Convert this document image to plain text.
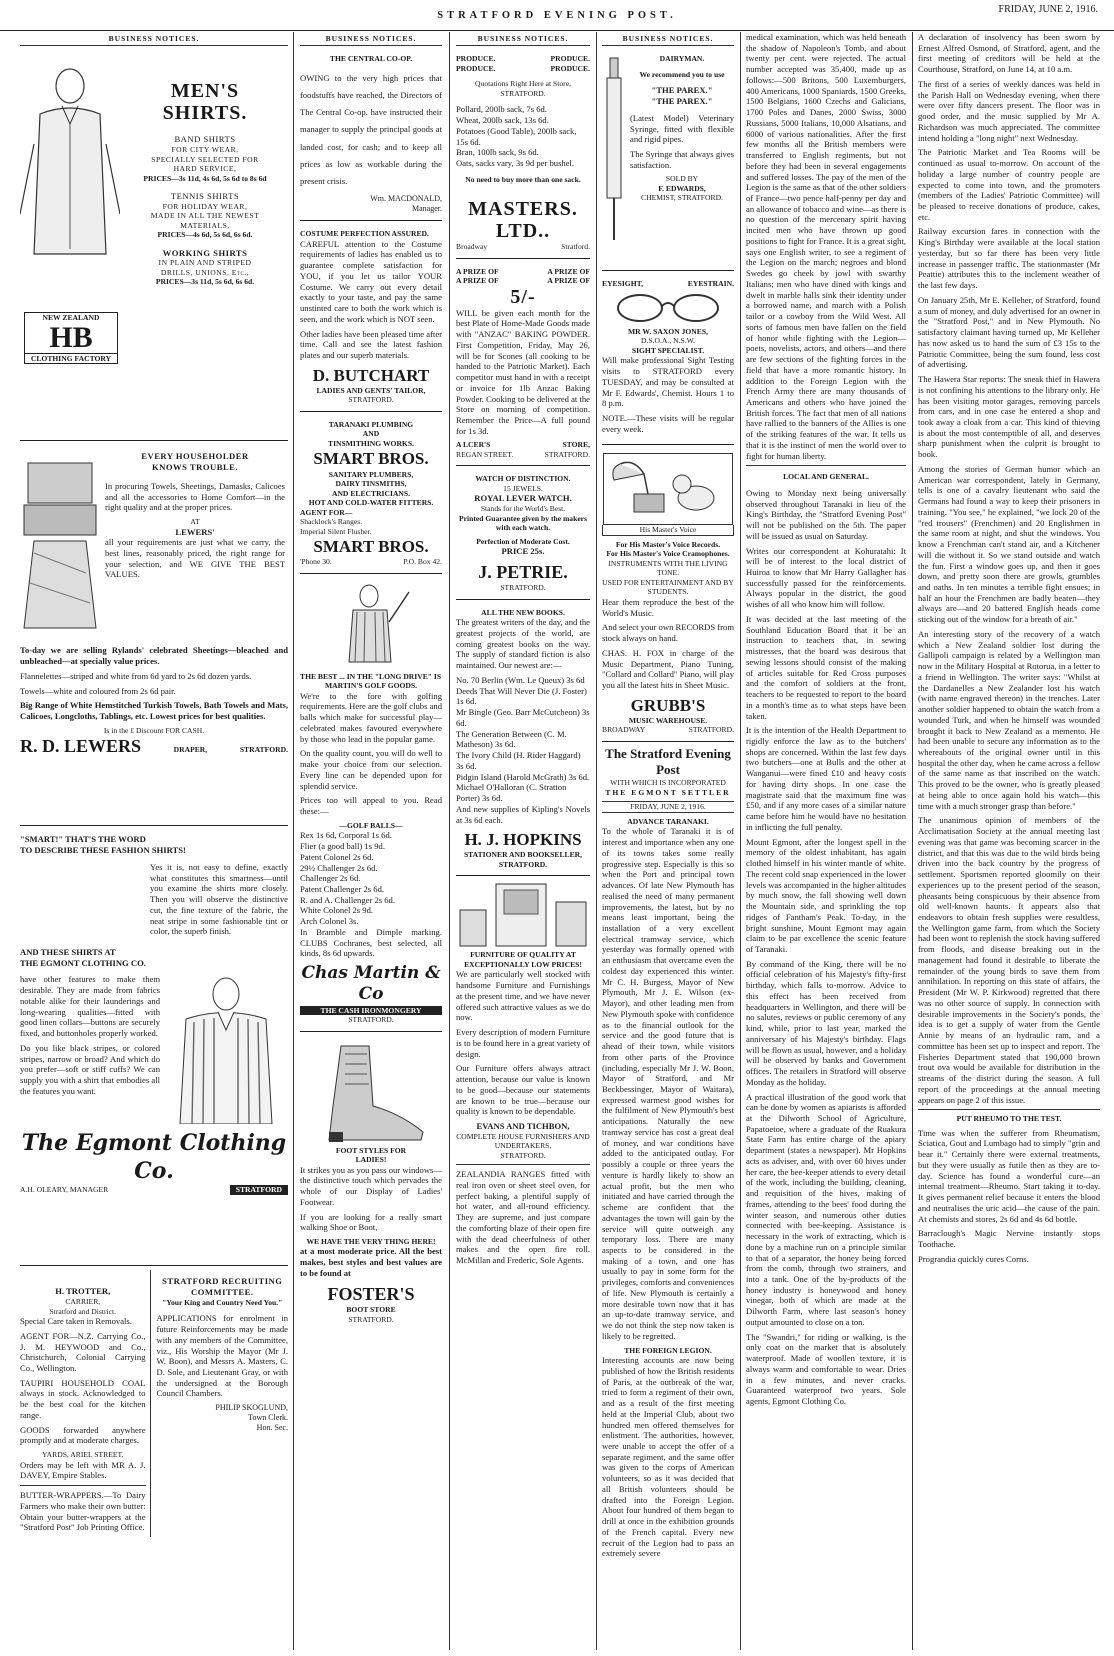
STRATFORD EVENING POST.
FRIDAY, JUNE 2, 1916.
BUSINESS NOTICES.
MEN'S
SHIRTS.
BAND SHIRTS
FOR CITY WEAR,
SPECIALLY SELECTED FOR
HARD SERVICE,
PRICES—3s 11d, 4s 6d, 5s 6d to 8s 6d
TENNIS SHIRTS
FOR HOLIDAY WEAR,
MADE IN ALL THE NEWEST
MATERIALS,
PRICES—4s 6d, 5s 6d, 6s 6d.
WORKING SHIRTS
IN PLAIN AND STRIPED
DRILLS, UNIONS, Etc.,
PRICES—3s 11d, 5s 6d, 6s 6d.
NEW ZEALAND
HB
CLOTHING FACTORY
EVERY HOUSEHOLDER
KNOWS TROUBLE.

In procuring Towels, Sheetings, Damasks, Calicoes and all the accessories to Home Comfort—in the right quality and at the proper prices.

AT
LEWERS'

all your requirements are just what we carry, the best lines, reasonably priced, the right range for your selection, and WE GIVE THE BEST VALUES.

To-day we are selling Rylands' celebrated Sheetings—bleached and unbleached—at specially value prices.

Flannelettes—striped and white from 6d yard to 2s 6d dozen yards.

Towels—white and coloured from 2s 6d pair.

Big Range of White Hemstitched Turkish Towels, Bath Towels and Mats, Calicoes, Longcloths, Tablings, etc. Lowest prices for best qualities.

Is in the £ Discount FOR CASH.
R. D. LEWERS	DRAPER,	STRATFORD.
"SMART!" THAT'S THE WORD
TO DESCRIBE THESE FASHION SHIRTS!

Yes it is, not easy to define, exactly what constitutes this smartness—until you examine the shirts more closely. Then you will observe the distinctive cut, the fine texture of the fabric, the neat stripe in some fashionable tint or color, the superb finish.

AND THESE SHIRTS AT
THE EGMONT CLOTHING CO.

have other features to make them desirable. They are made from fabrics notable alike for their launderings and long-wearing qualities—fitted with good linen collars—buttons are securely fixed, and buttonholes properly worked.

Do you like black stripes, or colored stripes, narrow or broad? And which do you prefer—soft or stiff cuffs? We can supply you with a shirt that embodies all the features you want.

The Egmont Clothing Co.
A.H. OLEARY, MANAGER	STRATFORD
H. TROTTER,
CARRIER,
Stratford and District.

Special Care taken in Removals.

AGENT FOR—N.Z. Carrying Co., J. M. HEYWOOD and Co., Christchurch, Colonial Carrying Co., Wellington.

TAUPIRI HOUSEHOLD COAL always in stock. Acknowledged to be the best coal for the kitchen range.

GOODS forwarded anywhere promptly and at moderate charges.

YARDS, ARIEL STREET,

Orders may be left with MR A. J. DAVEY, Empire Stables.

BUTTER-WRAPPERS.—To Dairy Farmers who make their own butter: Obtain your butter-wrappers at the "Stratford Post" Job Printing Office.

STRATFORD RECRUITING COMMITTEE.
"Your King and Country Need You."

APPLICATIONS for enrolment in future Reinforcements may be made with any members of the Committee, viz., His Worship the Mayor (Mr J. W. Boon), and Messrs A. Masters, C. D. Sole, and Lieutenant Gray, or with the undersigned at the Borough Council Chambers.

PHILIP SKOGLUND,
Town Clerk.
Hon. Sec.
BUSINESS NOTICES.
THE CENTRAL CO-OP.

OWING to the very high prices that foodstuffs have reached, the Directors of The Central Co-op. have instructed their manager to supply the principal goods at landed cost, for cash; and to keep all prices as low as workable during the present crisis.

Wm. MACDONALD,
Manager.
COSTUME PERFECTION ASSURED.

CAREFUL attention to the Costume requirements of ladies has enabled us to guarantee complete satisfaction for YOU, if you let us tailor YOUR Costume. We carry out every detail exactly to your taste, and pay the same unstinted care to both the work which is seen, and the work which is NOT seen.

Other ladies have been pleased time after time. Call and see the latest fashion plates and our superb materials.

D. BUTCHART
LADIES AND GENTS' TAILOR,
STRATFORD.
TARANAKI PLUMBING
AND
TINSMITHING WORKS.
SMART BROS.
SANITARY PLUMBERS,
DAIRY TINSMITHS,
AND ELECTRICIANS.
HOT AND COLD-WATER FITTERS.
AGENT FOR—
Shacklock's Ranges.
Imperial Silent Flusher.
SMART BROS.
'Phone 30.	P.O. Box 42.
THE BEST ... IN THE "LONG DRIVE" IS
MARTIN'S GOLF GOODS.

We're to the fore with golfing requirements. Here are the golf clubs and balls which make for successful play—celebrated makes favoured everywhere by those who lead in the popular game.

On the quality count, you will do well to make your choice from our selection. Every line can be depended upon for splendid service.

Prices too will appeal to you. Read these:—

—GOLF BALLS—
Rex 1s 6d, Corporal 1s 6d.
Flier (a good ball) 1s 9d.
Patent Colonel 2s 6d.
29½ Challenger 2s 6d.
Challenger 2s 6d.
Patent Challenger 2s 6d.
R. and A. Challenger 2s 6d.
White Colonel 2s 9d.
Arch Colonel 3s.

In Bramble and Dimple marking. CLUBS Cochranes, best selected, all kinds, 8s 6d upwards.

Chas Martin & Co
THE CASH IRONMONGERY
STRATFORD.
FOOT STYLES FOR
LADIES!

It strikes you as you pass our windows—the distinctive touch which pervades the whole of our Display of Ladies' Footwear.

If you are looking for a really smart walking Shoe or Boot,

WE HAVE THE VERY THING HERE!

at a most moderate price. All the best makes, best styles and best values are to be found at

FOSTER'S
BOOT STORE
STRATFORD.
BUSINESS NOTICES.
PRODUCE.	PRODUCE.
PRODUCE.	PRODUCE.
Quotations Right Here at Store, STRATFORD.
Pollard, 200lb sack, 7s 6d.
Wheat, 200lb sack, 13s 6d.
Potatoes (Good Table), 200lb sack, 15s 6d.
Bran, 100lb sack, 9s 6d.
Oats, sacks vary, 3s 9d per bushel.
No need to buy more than one sack.
MASTERS.
LTD..
Broadway	Stratford.
A PRIZE OF	A PRIZE OF
A PRIZE OF	A PRIZE OF
5/-

WILL be given each month for the best Plate of Home-Made Goods made with "ANZAC" BAKING POWDER. First Competition, Friday, May 26, will be for Scones (all cooking to be handed to the Patriotic Market). Each competitor must hand in with a receipt or invoice for 1lb Anzac Baking Powder. Cooking to be delivered at the Store on morning of competition. Remember the Price—A full pound for 1s 3d.

A LCER'S	STORE,
REGAN STREET.	STRATFORD.
WATCH OF DISTINCTION.
15 JEWELS.
ROYAL LEVER WATCH.
Stands for the World's Best.
Printed Guarantee given by the makers with each watch.
Perfection of Moderate Cost.
PRICE 25s.
J. PETRIE.
STRATFORD.
ALL THE NEW BOOKS.

The greatest writers of the day, and the greatest projects of the world, are coming greatest books on the way. The supply of standard fiction is also maintained. Our newest are:—

No. 70 Berlin (Wm. Le Queux) 3s 6d
Deeds That Will Never Die (J. Foster) 1s 6d.
Mr Bingle (Geo. Barr McCutcheon) 3s 6d.
The Generation Between (C. M. Matheson) 3s 6d.
The Ivory Child (H. Rider Haggard) 3s 6d.
Pidgin Island (Harold McGrath) 3s 6d.
Michael O'Halloran (C. Stratton Porter) 3s 6d.

And new supplies of Kipling's Novels at 3s 6d each.

H. J. HOPKINS
STATIONER AND BOOKSELLER,
STRATFORD.
FURNITURE OF QUALITY AT EXCEPTIONALLY LOW PRICES!

We are particularly well stocked with handsome Furniture and Furnishings at the present time, and we have never offered such attractive values as we do now.

Every description of modern Furniture is to be found here in a great variety of design.

Our Furniture offers always attract attention, because our value is known to be good—because our statements are known to be true—because our quality is known to be dependable.

EVANS AND TICHBON,
COMPLETE HOUSE FURNISHERS AND UNDERTAKERS,
STRATFORD.

ZEALANDIA RANGES fitted with real iron oven or sheet steel oven, for perfect baking, a plentiful supply of hot water, and all-round efficiency. They are supreme, and just compare the comforting blaze of their open fire with the dead cheerfulness of other makes and the open fire roll. McMillan and Frederic, Sole Agents.

BUSINESS NOTICES.
DAIRYMAN.
We recommend you to use
"THE PAREX."
"THE PAREX."

(Latest Model) Veterinary Syringe, fitted with flexible and rigid pipes.

The Syringe that always gives satisfaction.

SOLD BY
F. EDWARDS,
CHEMIST, STRATFORD.
EYESIGHT,	EYESTRAIN.
MR W. SAXON JONES,
D.S.O.A., N.S.W.
SIGHT SPECIALIST.

Will make professional Sight Testing visits to STRATFORD every TUESDAY, and may be consulted at Mr F. Edwards', Chemist. Hours 1 to 8 p.m.

NOTE.—These visits will be regular every week.

His Master's Voice
For His Master's Voice Records.
For His Master's Voice Cramophones.
INSTRUMENTS WITH THE LIVING TONE.
USED FOR ENTERTAINMENT AND BY STUDENTS.

Hear them reproduce the best of the World's Music.

And select your own RECORDS from stock always on hand.

CHAS. H. FOX in charge of the Music Department, Piano Tuning, "Collard and Collard" Piano, will play you all the latest hits in Sheet Music.

GRUBB'S
MUSIC WAREHOUSE.
BROADWAY	STRATFORD.
The Stratford Evening Post
WITH WHICH IS INCORPORATED
THE EGMONT SETTLER
FRIDAY, JUNE 2, 1916.
ADVANCE TARANAKI.

To the whole of Taranaki it is of interest and importance when any one of its towns takes some really progressive step. Especially is this so when the Port and principal town advances. Of late New Plymouth has realised the need of many permanent improvements, the latest, but by no means least important, being the installation of a very excellent electrical tramway service, which yesterday was formally opened with an enthusiasm that overcame even the coldest day experienced this winter. Mr C. H. Burgess, Mayor of New Plymouth, Mr J. E. Wilson (ex-Mayor), and other leading men from New Plymouth spoke with confidence as to the financial outlook for the service and the good future that is ahead of their town, while visitors from other parts of the Province (including, especially Mr J. W. Boon, Mayor of Stratford, and Mr Beckbessinger, Mayor of Waitara), expressed warmest good wishes for the fulfilment of New Plymouth's best anticipations. Naturally the new tramway service has cost a great deal of money, and war conditions have added to the anticipated outlay. For possibly a couple or three years the venture is hardly likely to show an actual profit, but the men who initiated and have carried through the scheme are confident that the advantages the town will gain by the service will quite outweigh any temporary loss. There are many aspects to be considered in the making of a town, and one has usually to pay in some form for the privileges, comforts and conveniences of life. New Plymouth is certainly a more desirable town now that it has an up-to-date tramway service, and we do not think the step now taken is likely to be regretted.

THE FOREIGN LEGION.

Interesting accounts are now being published of how the British residents of Paris, at the outbreak of the war, tried to form a regiment of their own, and as a result of the first meeting held at the Imperial Club, about two hundred men offered themselves for enlistment. The authorities, however, were unable to accept the offer of a separate regiment, and the same offer was given to the corps of American volunteers, so as it was decided that all British volunteers should be drafted into the Foreign Legion. About four hundred of them began to drill at once in the exhibition grounds of the French capital. Every new recruit of the Legion had to pass an extremely severe

medical examination, which was held beneath the shadow of Napoleon's Tomb, and about twenty per cent. were rejected. The actual number accepted was 35,400, made up as follows:—500 Britons, 500 Luxemburgers, 400 Americans, 1000 Spaniards, 1500 Greeks, 1500 Belgians, 1600 Czechs and Galicians, 1700 Poles and Danes, 2000 Swiss, 3000 Russians, 5000 Italians, 10,000 Alsatians, and 6000 of various nationalities. After the first few months all the British members were transferred to English regiments, but not before they had been in several engagements and suffered losses. The pay of the men of the Legion is the same as that of the other soldiers of France—two pence half-penny per day and an allowance of tobacco and wine—as there is no question of the mercenary spirit having incited men who have thrown up good positions to fight for France. It is a great sight, says one English writer, to see a regiment of the Legion on the march; negroes and blond Swedes go cheek by jowl with swarthy Italians; men who have dined with kings and dwelt in marble halls sink their identity under a borrowed name, and march with a Polish tailor or a cowboy from the Wild West. All sorts of famous men have fallen on the field of honor while fighting with the Legion—poets, novelists, actors, and others—and there are few sections of the fighting forces in the field that have a more romantic history. In addition to the Foreign Legion with the French Army there are many thousands of Americans and others who have joined the British forces. The fact that men of all nations have rallied to the banners of the Allies is one of the striking features of the war. It tells us that it is the instinct of men the world over to fight for human liberty.

LOCAL AND GENERAL.

Owing to Monday next being universally observed throughout Taranaki in lieu of the King's Birthday, the "Stratford Evening Post" will not be published on the 5th. The paper will be issued as usual on Saturday.

Writes our correspondent at Kohuratahi: It will be of interest to the local district of Huiroa to know that Mr Harry Gallagher has successfully passed for the reinforcements. Always popular in the district, the good wishes of all who know him will follow.

It was decided at the last meeting of the Southland Education Board that it be an instruction to teachers that, in sewing mistresses, that the board was desirous that sewing lessons should consist of the making of articles suitable for Red Cross purposes and the comfort of soldiers at the front, teachers to be requested to report to the board in a month's time as to what steps have been taken.

It is the intention of the Health Department to rigidly enforce the law as to the butchers' shops are concerned. Within the last few days two butchers—one at Bulls and the other at Wanganui—were fined £10 and heavy costs for having dirty shops. In one case the magistrate said that the maximum fine was £50, and if any more cases of a similar nature came before him he would have no hesitation in inflicting the full penalty.

Mount Egmont, after the longest spell in the memory of the oldest inhabitant, has again clothed himself in his winter mantle of white. The recent cold snap experienced in the lower levels was accompanied in the higher altitudes by much snow, the fall showing well down the Mountain side, and sprinkling the top ridges of Fantham's Peak. To-day, in the bright sunshine, Mount Egmont may again claim to be par excellence the scenic feature of Taranaki.

By command of the King, there will be no official celebration of his Majesty's fifty-first birthday, which falls to-morrow. Advice to this effect has been received from headquarters in Wellington, and there will be no salutes, reviews or public ceremony of any kind, while, prior to last year, marked the anniversary of his Majesty's birthday. Flags will be flown as usual, however, and a holiday will be observed by banks and Government offices. The retailers in Stratford will observe Monday as the holiday.

A practical illustration of the good work that can be done by women as apiarists is afforded at the Dilworth School of Agriculture, Papatoetoe, where a graduate of the Ruakura State Farm has entire charge of the apiary department (states a newspaper). Mr Hopkins acts as adviser, and, with over 60 hives under her care, the bee-keeper attends to every detail of the work, including the building, cleaning, and requisition of the hives, making of frames, attending to the bees' food during the winter season, and numerous other duties connected with bee-keeping. Assistance is necessary in the work of extracting, which is done by a machine run on a principle similar to that of a separator, the honey being forced from the comb, through two strainers, and into a tank. One of the by-products of the honey industry is honeywood and honey vinegar, both of which are made at the Dilworth Farm, where last season's honey output amounted to close on a ton.

The "Swandri," for riding or walking, is the only coat on the market that is absolutely waterproof. Made of woollen texture, it is always warm and comfortable to wear. Dries in a few minutes, and never cracks. Guaranteed waterproof two years. Sole agents, Egmont Clothing Co.

A declaration of insolvency has been sworn by Ernest Alfred Osmond, of Stratford, agent, and the first meeting of creditors will be held at the Courthouse, Stratford, on June 14, at 10 a.m.

The first of a series of weekly dances was held in the Parish Hall on Wednesday evening, when there were over fifty dancers present. The floor was in good order, and the music supplied by Mr A. Richardson was much appreciated. The committee intend holding a "long night" next Wednesday.

The Patriotic Market and Tea Rooms will be continued as usual to-morrow. On account of the holiday a large number of country people are expected to come into town, and the promoters (members of the Ladies' Patriotic Committee) will be pleased to receive donations of produce, cakes, etc.

Railway excursion fares in connection with the King's Birthday were available at the local station yesterday, but so far there has been very little increase in passenger traffic. The stationmaster (Mr Peattie) attributes this to the inclement weather of the last few days.

On January 25th, Mr E. Kelleher, of Stratford, found a sum of money, and duly advertised for an owner in the "Stratford Post," and in New Plymouth. No satisfactory claimant having turned up, Mr Kelleher has now asked us to hand the sum of £3 15s to the Patriotic Committee, being the sum found, less cost of advertising.

The Hawera Star reports: The sneak thief in Hawera is not confining his attentions to the library only. He has been visiting motor garages, removing parcels from cars, and in one case he entered a shop and took away a cloak from a car. This kind of thieving is about the most contemptible of all, and deserves sharp punishment when the culprit is brought to book.

Among the stories of German humor which an American war correspondent, lately in Germany, tells is one of a cavalry lieutenant who said the Germans had found a way to keep their prisoners in training. "You see," he explained, "we lock 20 of the "red trousers" (Frenchmen) and 20 Englishmen in the same room at night, and shut the windows. You know a Frenchman can't stand air, and a Kitchener will die without it. So we stand outside and watch the fun. First a window goes up, and then it goes down, and pretty soon there are growls, grumbles and oaths. In ten minutes a terrible fight ensues; in half an hour the Frenchmen are badly beaten—they always are—and 20 battered English heads come sticking out of the window for a breath of air."

An interesting story of the recovery of a watch which a New Zealand soldier lost during the Gallipoli campaign is related by a Wellington man now in the Military Hospital at Rotorua, in a letter to a friend in Wellington. The writer says: "Whilst at the Dardanelles a New Zealander lost his watch (with name engraved thereon) in the trenches. Later another soldier happened to obtain the watch from a wounded Turk, and when he himself was wounded brought it back to New Zealand as a memento. He had been unable to secure any information as to the whereabouts of the original owner until in this hospital the other day, when he came across a fellow of the same name as that inscribed on the watch. This proved to be the owner, who is greatly pleased at being able to once again hold his watch—this time with a much stronger grasp than before."

The unanimous opinion of members of the Acclimatisation Society at the annual meeting last evening was that game was becoming scarcer in the district, and that this was due to the wild birds being driven into the back country by the progress of settlement. Sportsmen reported gloomily on their experiences up to the present period of the season, pheasants being conspicuous by their absence from old well-known haunts. It appears also that endeavors to obtain fresh supplies were resultless, the Wellington game farm, from which the Society had been wont to replenish the stock having suffered from floods, and disease breaking out in the management had found it desirable to liberate the remainder of the young birds to save them from annihilation. In reporting on this state of affairs, the President (Mr W. P. Kirkwood) regretted that there was no other source of supply. In connection with desirable improvements in the Society's ponds, the idea is to get a supply of water from the Gentle Annie by means of an hydraulic ram, and a committee has been set up to inspect and report. The Fisheries Department stated that 190,000 brown trout ova would be available for distribution in the streams of the district during the season. A full report of the proceedings at the annual meeting appears on page 2 of this issue.

PUT RHEUMO TO THE TEST.

Time was when the sufferer from Rheumatism, Sciatica, Gout and Lumbago had to simply "grin and bear it." Certainly there were external treatments, but they were usually as futile then as they are to-day. Science has found a wonderful cure—an internal treatment—Rheumo. Start taking it to-day. It gives permanent relief because it enters the blood and neutralises the uric acid—the cause of the pain. At chemists and stores, 2s 6d and 4s 6d bottle.

Barraclough's Magic Nervine instantly stops Toothache.

Prograndia quickly cures Corns.
